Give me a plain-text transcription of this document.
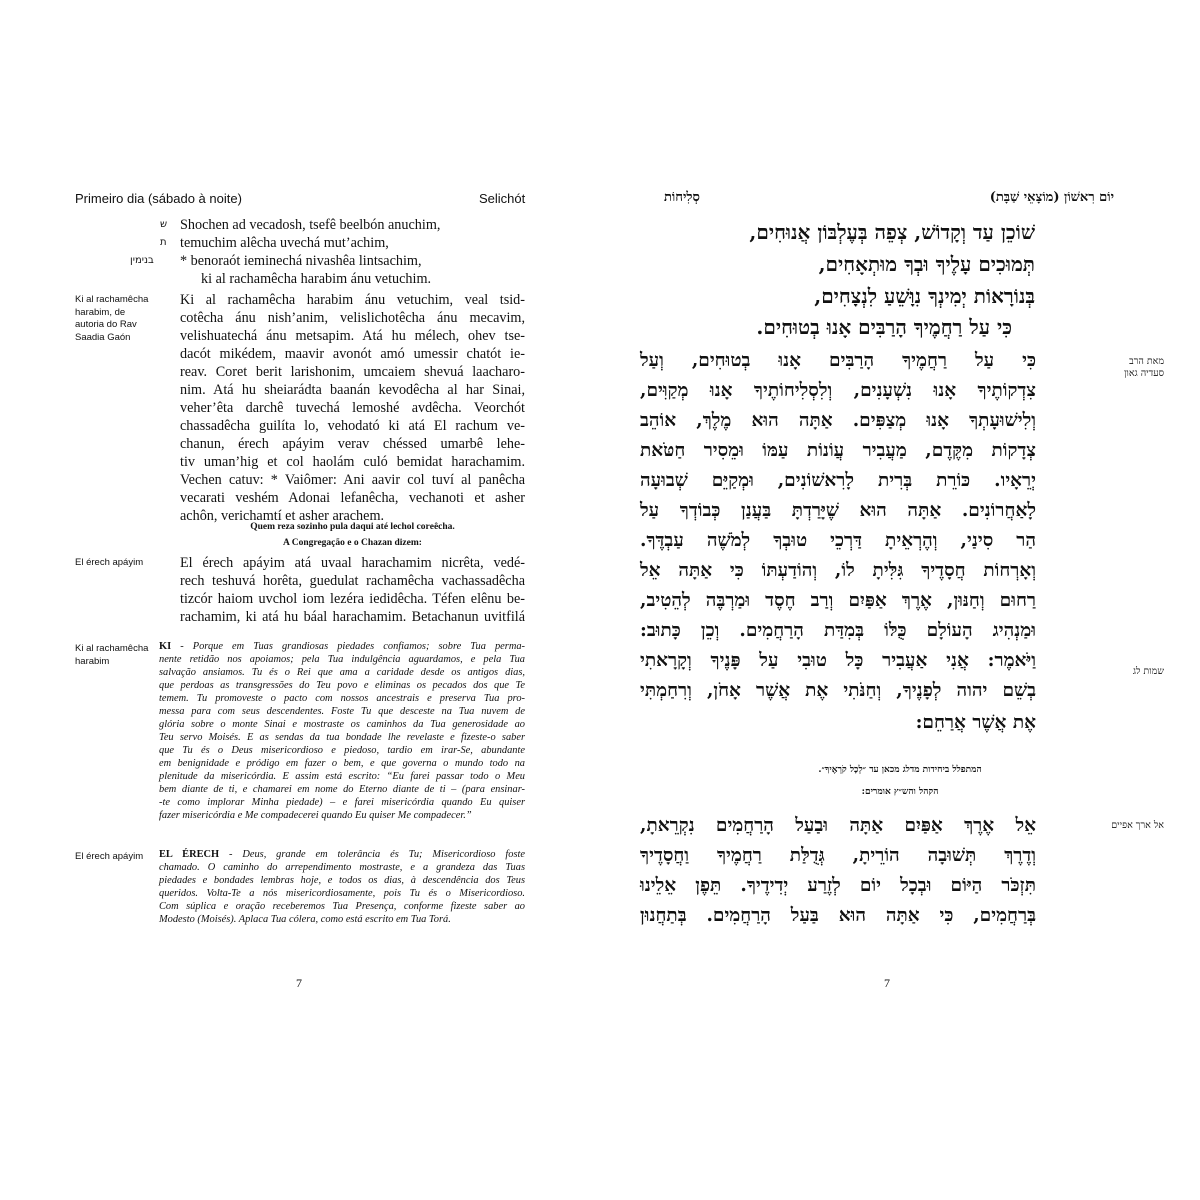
Primeiro dia (sábado à noite)	Selichót
ש Shochen ad vecadosh, tsefê beelbón anuchim,
ת temuchim alêcha uvechá mut’achim,
בנימין * benoraót ieminechá nivashêa lintsachim,
ki al rachamêcha harabim ánu vetuchim.
Ki al rachamêcha harabim, de autoria do Rav Saadia Gaón
Ki al rachamêcha harabim ánu vetuchim, veal tsid-
cotêcha ánu nish’anim, velislichotêcha ánu mecavim,
velishuatechá ánu metsapim. Atá hu mélech, ohev tse-
dacót mikédem, maavir avonót amó umessir chatót ie-
reav. Coret berit larishonim, umcaiem shevuá laacharo-
nim. Atá hu sheiarádta baanán kevodêcha al har Sinai,
veher’êta darchê tuvechá lemoshé avdêcha. Veorchót
chassadêcha guilíta lo, vehodató ki atá El rachum ve-
chanun, érech apáyim verav chéssed umarbê lehe-
tiv uman’hig et col haolám culó bemidat harachamim.
Vechen catuv: * Vaiômer: Ani aavir col tuví al panêcha
vecarati veshém Adonai lefanêcha, vechanoti et asher
achôn, verichamtí et asher arachem.
Quem reza sozinho pula daqui até lechol corеêcha.
A Congregação e o Chazan dizem:
El érech apáyim	El érech apáyim atá uvaal harachamim nicrêta, vedé-
rech teshuvá horêta, guedulat rachamêcha vachassadêcha
tizcór haiom uvchol iom lezéra iedidêcha. Téfen elênu be-
rachamim, ki atá hu báal harachamim. Betachanun uvitfilá
Ki al rachamêcha harabim
KI - Porque em Tuas grandiosas piedades confiamos; sobre Tua perma-
nente retidão nos apoiamos; pela Tua indulgência aguardamos, e pela Tua
salvação ansiamos. Tu és o Rei que ama a caridade desde os antigos dias,
que perdoas as transgressões do Teu povo e eliminas os pecados dos que Te
temem. Tu promoveste o pacto com nossos ancestrais e preserva Tua pro-
messa para com seus descendentes. Foste Tu que desceste na Tua nuvem de
glória sobre o monte Sinai e mostraste os caminhos da Tua generosidade ao
Teu servo Moisés. E as sendas da tua bondade lhe revelaste e fizeste-o saber
que Tu és o Deus misericordioso e piedoso, tardio em irar-Se, abundante
em benignidade e pródigo em fazer o bem, e que governa o mundo todo na
plenitude da misericórdia. E assim está escrito: “Eu farei passar todo o Meu
bem diante de ti, e chamarei em nome do Eterno diante de ti – (para ensinar-
-te como implorar Minha piedade) – e farei misericórdia quando Eu quiser
fazer misericórdia e Me compadecerei quando Eu quiser Me compadecer.”
El érech apáyim	EL ÉRECH - Deus, grande em tolerância és Tu; Misericordioso foste
chamado. O caminho do arrependimento mostraste, e a grandeza das Tuas
piedades e bondades lembras hoje, e todos os dias, à descendência dos Teus
queridos. Volta-Te a nós misericordiosamente, pois Tu és o Misericordioso.
Com súplica e oração receberemos Tua Presença, conforme fizeste saber ao
Modesto (Moisés). Aplaca Tua cólera, como está escrito em Tua Torá.
7
יוֹם רִאשׁוֹן (מוֹצָאֵי שַׁבָּת)
סְלִיחוֹת
שׁוֹכֵן עַד וְקָדוֹשׁ, צְפֵה בְּעֶלְבּוֹן אֲנוּחִים,
תְּמוּכִים עָלֶיךָ וּבְךָ מוּתְאָחִים,
בְּנוֹרָאוֹת יְמִינְךָ נִוָּשֵׁעַ לִנְצָחִים,
כִּי עַל רַחֲמֶיךָ הָרַבִּים אָנוּ בְטוּחִים.
מאת הרב
סעדיה גאון
כִּי עַל רַחֲמֶיךָ הָרַבִּים אָנוּ בְטוּחִים, וְעַל
צִדְקוֹתֶיךָ אָנוּ נִשְׁעָנִים, וְלִסְלִיחוֹתֶיךָ אָנוּ מְקַוִּים,
וְלִישׁוּעָתְךָ אָנוּ מְצַפִּים. אַתָּה הוּא מֶלֶךְ, אוֹהֵב
צְדָקוֹת מִקֶּדֶם, מַעֲבִיר עֲוֹנוֹת עַמּוֹ וּמֵסִיר חַטֹּאת
יְרֵאָיו. כּוֹרֵת בְּרִית לָרִאשׁוֹנִים, וּמְקַיֵּם שְׁבוּעָה
לָאַחֲרוֹנִים. אַתָּה הוּא שֶׁיָּרַדְתָּ בַּעֲנַן כְּבוֹדְךָ עַל
הַר סִינַי, וְהֶרְאֵיתָ דַּרְכֵי טוּבְךָ לְמֹשֶׁה עַבְדֶּךָ.
וְאָרְחוֹת חֲסָדֶיךָ גִּלִּיתָ לוֹ, וְהוֹדַעְתּוֹ כִּי אַתָּה אֵל
רַחוּם וְחַנּוּן, אֶרֶךְ אַפַּיִם וְרַב חֶסֶד וּמַרְבֶּה לְהֵטִיב,
וּמַנְהִיג הָעוֹלָם כֻּלּוֹ בְּמִדַּת הָרַחֲמִים. וְכֵן כָּתוּב:
וַיֹּאמֶר: אֲנִי אַעֲבִיר כָּל טוּבִי עַל פָּנֶיךָ וְקָרָאתִי
בְשֵׁם יהוה לְפָנֶיךָ, וְחַנֹּתִי אֶת אֲשֶׁר אָחֹן, וְרִחַמְתִּי
אֶת אֲשֶׁר אֲרַחֵם:
שמות לג
המתפלל ביחידות מדלג מכאן עד ״לְכָל קֹרְאֶיךָ״.
הקהל והש״ץ אומרים:
אל ארך אפיים
אֵל אֶרֶךְ אַפַּיִם אַתָּה וּבַעַל הָרַחֲמִים נִקְרֵאתָ,
וְדֶרֶךְ תְּשׁוּבָה הוֹרֵיתָ, גְּדֻלַּת רַחֲמֶיךָ וַחֲסָדֶיךָ
תִּזְכֹּר הַיּוֹם וּבְכָל יוֹם לְזֶרַע יְדִידֶיךָ. תֵּפֶן אֵלֵינוּ
בְּרַחֲמִים, כִּי אַתָּה הוּא בַּעַל הָרַחֲמִים. בְּתַחֲנוּן
7
